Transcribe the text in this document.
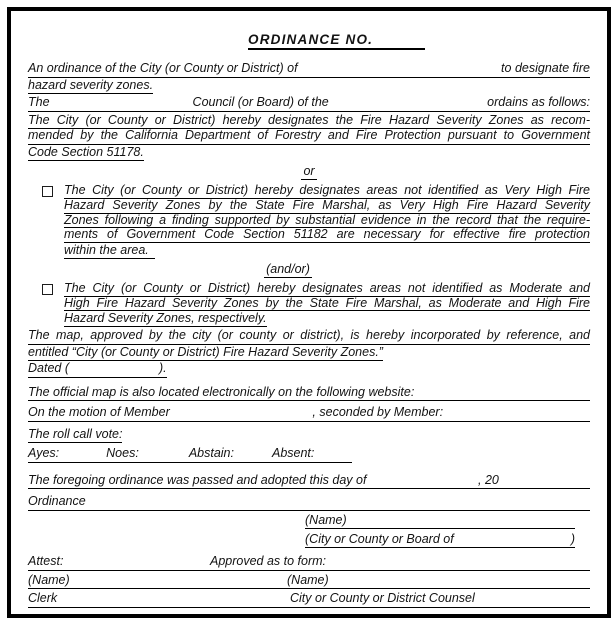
ORDINANCE NO.
An ordinance of the City (or County or District) of	to designate fire
hazard severity zones.
The	Council (or Board) of the	ordains as follows:
The City (or County or District) hereby designates the Fire Hazard Severity Zones as recom-
mended by the California Department of Forestry and Fire Protection pursuant to Government
Code Section 51178.
or
The City (or County or District) hereby designates areas not identified as Very High Fire
Hazard Severity Zones by the State Fire Marshal, as Very High Fire Hazard Severity
Zones following a finding supported by substantial evidence in the record that the require-
ments of Government Code Section 51182 are necessary for effective fire protection
within the area.
(and/or)
The City (or County or District) hereby designates areas not identified as Moderate and
High Fire Hazard Severity Zones by the State Fire Marshal, as Moderate and High Fire
Hazard Severity Zones, respectively.
The map, approved by the city (or county or district), is hereby incorporated by reference, and
entitled “City (or County or District) Fire Hazard Severity Zones.”
Dated (	).
The official map is also located electronically on the following website:
On the motion of Member	, seconded by Member:
The roll call vote:
Ayes:	Noes:	Abstain:	Absent:
The foregoing ordinance was passed and adopted this day of	, 20
Ordinance
(Name)
(City or County or Board of	)
Attest:	Approved as to form:
(Name)	(Name)
Clerk	City or County or District Counsel
